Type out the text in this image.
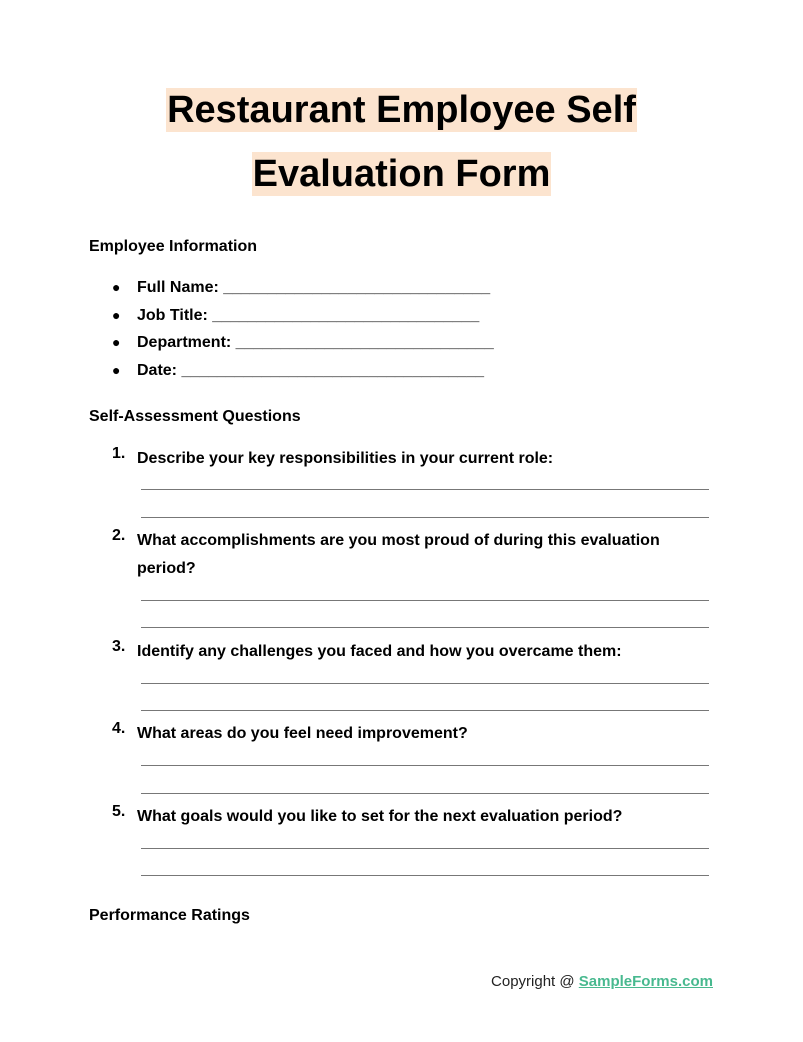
Restaurant Employee Self
Evaluation Form
Employee Information
● Full Name: ______________________________
● Job Title: ______________________________
● Department: _____________________________
● Date: __________________________________
Self-Assessment Questions
1. Describe your key responsibilities in your current role:
2. What accomplishments are you most proud of during this evaluation period?
3. Identify any challenges you faced and how you overcame them:
4. What areas do you feel need improvement?
5. What goals would you like to set for the next evaluation period?
Performance Ratings
Copyright @ SampleForms.com
